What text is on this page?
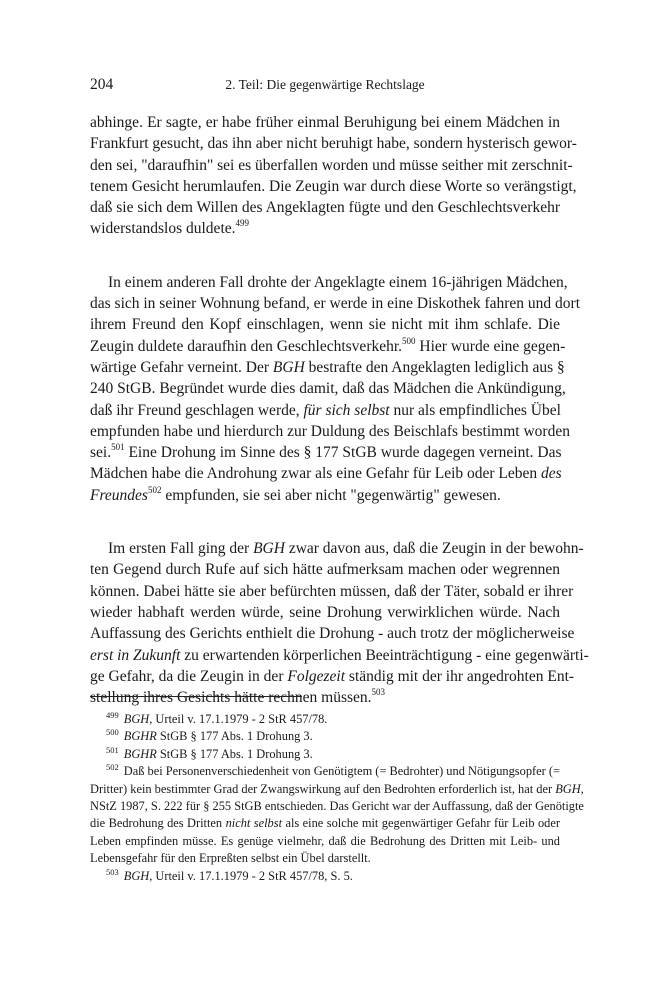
204	2. Teil: Die gegenwärtige Rechtslage
abhinge. Er sagte, er habe früher einmal Beruhigung bei einem Mädchen in
Frankfurt gesucht, das ihn aber nicht beruhigt habe, sondern hysterisch gewor-
den sei, "daraufhin" sei es überfallen worden und müsse seither mit zerschnit-
tenem Gesicht herumlaufen. Die Zeugin war durch diese Worte so verängstigt,
daß sie sich dem Willen des Angeklagten fügte und den Geschlechtsverkehr
widerstandslos duldete.$^{499}$
In einem anderen Fall drohte der Angeklagte einem 16-jährigen Mädchen,
das sich in seiner Wohnung befand, er werde in eine Diskothek fahren und dort
ihrem Freund den Kopf einschlagen, wenn sie nicht mit ihm schlafe. Die
Zeugin duldete daraufhin den Geschlechtsverkehr.$^{500}$ Hier wurde eine gegen-
wärtige Gefahr verneint. Der BGH bestrafte den Angeklagten lediglich aus §
240 StGB. Begründet wurde dies damit, daß das Mädchen die Ankündigung,
daß ihr Freund geschlagen werde, für sich selbst nur als empfindliches Übel
empfunden habe und hierdurch zur Duldung des Beischlafs bestimmt worden
sei.$^{501}$ Eine Drohung im Sinne des § 177 StGB wurde dagegen verneint. Das
Mädchen habe die Androhung zwar als eine Gefahr für Leib oder Leben des
Freundes$^{502}$ empfunden, sie sei aber nicht "gegenwärtig" gewesen.
Im ersten Fall ging der BGH zwar davon aus, daß die Zeugin in der bewohn-
ten Gegend durch Rufe auf sich hätte aufmerksam machen oder wegrennen
können. Dabei hätte sie aber befürchten müssen, daß der Täter, sobald er ihrer
wieder habhaft werden würde, seine Drohung verwirklichen würde. Nach
Auffassung des Gerichts enthielt die Drohung - auch trotz der möglicherweise
erst in Zukunft zu erwartenden körperlichen Beeinträchtigung - eine gegenwärti-
ge Gefahr, da die Zeugin in der Folgezeit ständig mit der ihr angedrohten Ent-
stellung ihres Gesichts hätte rechnen müssen.$^{503}$
$^{499}$ BGH, Urteil v. 17.1.1979 - 2 StR 457/78.
$^{500}$ BGHR StGB § 177 Abs. 1 Drohung 3.
$^{501}$ BGHR StGB § 177 Abs. 1 Drohung 3.
$^{502}$ Daß bei Personenverschiedenheit von Genötigtem (= Bedrohter) und Nötigungsopfer (=
Dritter) kein bestimmter Grad der Zwangswirkung auf den Bedrohten erforderlich ist, hat der BGH,
NStZ 1987, S. 222 für § 255 StGB entschieden. Das Gericht war der Auffassung, daß der Genötigte
die Bedrohung des Dritten nicht selbst als eine solche mit gegenwärtiger Gefahr für Leib oder
Leben empfinden müsse. Es genüge vielmehr, daß die Bedrohung des Dritten mit Leib- und
Lebensgefahr für den Erpreßten selbst ein Übel darstellt.
$^{503}$ BGH, Urteil v. 17.1.1979 - 2 StR 457/78, S. 5.
